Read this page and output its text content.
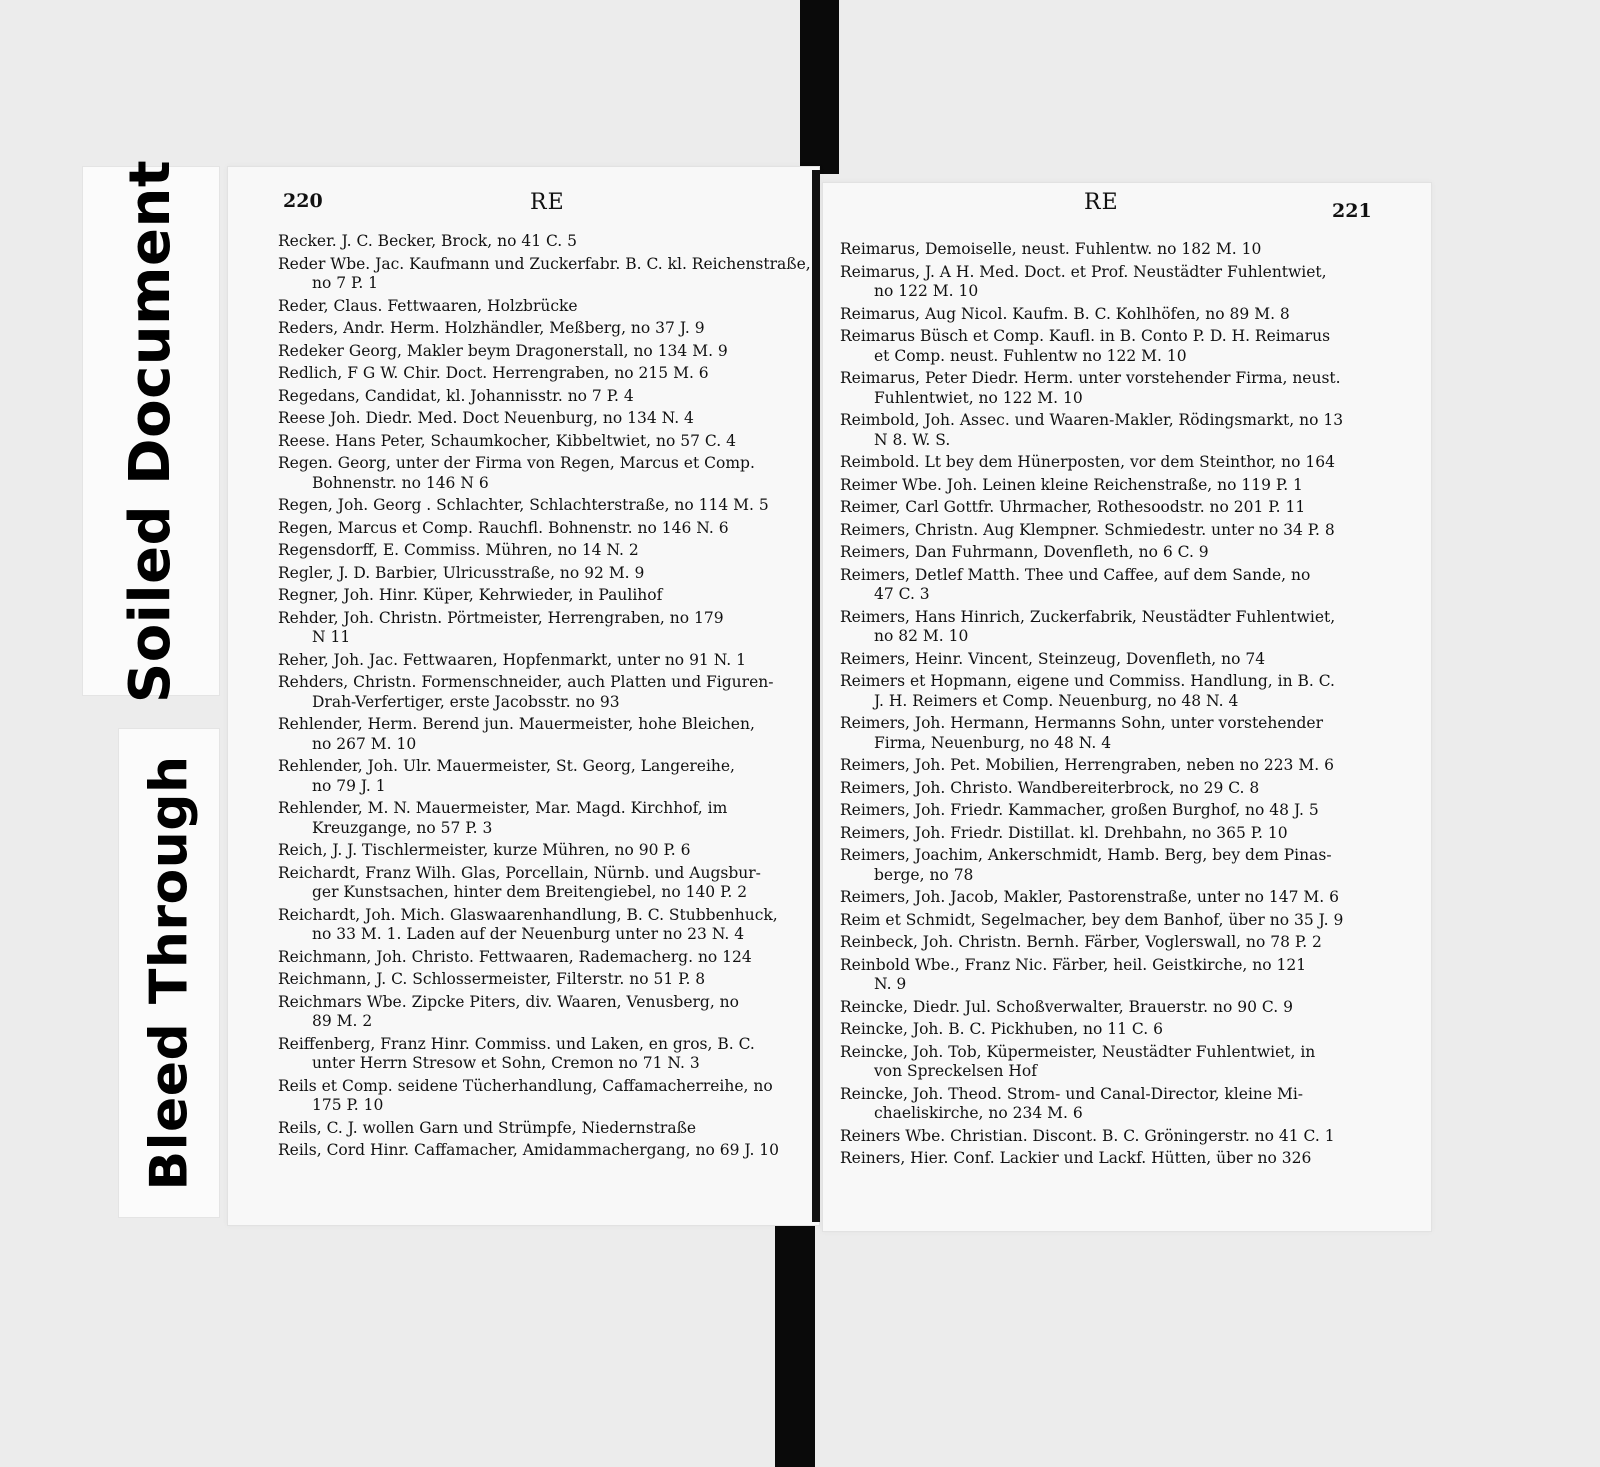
Soiled Document
Bleed Through
220	RE	221
RE
Recker. J. C. Becker, Brock, no 41 C. 5
Reder Wbe. Jac. Kaufmann und Zuckerfabr. B. C. kl. Reichenstraße,
no 7 P. 1
Reder, Claus. Fettwaaren, Holzbrücke
Reders, Andr. Herm. Holzhändler, Meßberg, no 37 J. 9
Redeker Georg, Makler beym Dragonerstall, no 134 M. 9
Redlich, F G W. Chir. Doct. Herrengraben, no 215 M. 6
Regedans, Candidat, kl. Johannisstr. no 7 P. 4
Reese Joh. Diedr. Med. Doct Neuenburg, no 134 N. 4
Reese. Hans Peter, Schaumkocher, Kibbeltwiet, no 57 C. 4
Regen. Georg, unter der Firma von Regen, Marcus et Comp.
Bohnenstr. no 146 N 6
Regen, Joh. Georg . Schlachter, Schlachterstraße, no 114 M. 5
Regen, Marcus et Comp. Rauchfl. Bohnenstr. no 146 N. 6
Regensdorff, E. Commiss. Mühren, no 14 N. 2
Regler, J. D. Barbier, Ulricusstraße, no 92 M. 9
Regner, Joh. Hinr. Küper, Kehrwieder, in Paulihof
Rehder, Joh. Christn. Pörtmeister, Herrengraben, no 179
N 11
Reher, Joh. Jac. Fettwaaren, Hopfenmarkt, unter no 91 N. 1
Rehders, Christn. Formenschneider, auch Platten und Figuren-
Drah-Verfertiger, erste Jacobsstr. no 93
Rehlender, Herm. Berend jun. Mauermeister, hohe Bleichen,
no 267 M. 10
Rehlender, Joh. Ulr. Mauermeister, St. Georg, Langereihe,
no 79 J. 1
Rehlender, M. N. Mauermeister, Mar. Magd. Kirchhof, im
Kreuzgange, no 57 P. 3
Reich, J. J. Tischlermeister, kurze Mühren, no 90 P. 6
Reichardt, Franz Wilh. Glas, Porcellain, Nürnb. und Augsbur-
ger Kunstsachen, hinter dem Breitengiebel, no 140 P. 2
Reichardt, Joh. Mich. Glaswaarenhandlung, B. C. Stubbenhuck,
no 33 M. 1. Laden auf der Neuenburg unter no 23 N. 4
Reichmann, Joh. Christo. Fettwaaren, Rademacherg. no 124
Reichmann, J. C. Schlossermeister, Filterstr. no 51 P. 8
Reichmars Wbe. Zipcke Piters, div. Waaren, Venusberg, no
89 M. 2
Reiffenberg, Franz Hinr. Commiss. und Laken, en gros, B. C.
unter Herrn Stresow et Sohn, Cremon no 71 N. 3
Reils et Comp. seidene Tücherhandlung, Caffamacherreihe, no
175 P. 10
Reils, C. J. wollen Garn und Strümpfe, Niedernstraße
Reils, Cord Hinr. Caffamacher, Amidammachergang, no 69 J. 10
Reimarus, Demoiselle, neust. Fuhlentw. no 182 M. 10
Reimarus, J. A H. Med. Doct. et Prof. Neustädter Fuhlentwiet,
no 122 M. 10
Reimarus, Aug Nicol. Kaufm. B. C. Kohlhöfen, no 89 M. 8
Reimarus Büsch et Comp. Kaufl. in B. Conto P. D. H. Reimarus
et Comp. neust. Fuhlentw no 122 M. 10
Reimarus, Peter Diedr. Herm. unter vorstehender Firma, neust.
Fuhlentwiet, no 122 M. 10
Reimbold, Joh. Assec. und Waaren-Makler, Rödingsmarkt, no 13
N 8. W. S.
Reimbold. Lt bey dem Hünerposten, vor dem Steinthor, no 164
Reimer Wbe. Joh. Leinen kleine Reichenstraße, no 119 P. 1
Reimer, Carl Gottfr. Uhrmacher, Rothesoodstr. no 201 P. 11
Reimers, Christn. Aug Klempner. Schmiedestr. unter no 34 P. 8
Reimers, Dan Fuhrmann, Dovenfleth, no 6 C. 9
Reimers, Detlef Matth. Thee und Caffee, auf dem Sande, no
47 C. 3
Reimers, Hans Hinrich, Zuckerfabrik, Neustädter Fuhlentwiet,
no 82 M. 10
Reimers, Heinr. Vincent, Steinzeug, Dovenfleth, no 74
Reimers et Hopmann, eigene und Commiss. Handlung, in B. C.
J. H. Reimers et Comp. Neuenburg, no 48 N. 4
Reimers, Joh. Hermann, Hermanns Sohn, unter vorstehender
Firma, Neuenburg, no 48 N. 4
Reimers, Joh. Pet. Mobilien, Herrengraben, neben no 223 M. 6
Reimers, Joh. Christo. Wandbereiterbrock, no 29 C. 8
Reimers, Joh. Friedr. Kammacher, großen Burghof, no 48 J. 5
Reimers, Joh. Friedr. Distillat. kl. Drehbahn, no 365 P. 10
Reimers, Joachim, Ankerschmidt, Hamb. Berg, bey dem Pinas-
berge, no 78
Reimers, Joh. Jacob, Makler, Pastorenstraße, unter no 147 M. 6
Reim et Schmidt, Segelmacher, bey dem Banhof, über no 35 J. 9
Reinbeck, Joh. Christn. Bernh. Färber, Voglerswall, no 78 P. 2
Reinbold Wbe., Franz Nic. Färber, heil. Geistkirche, no 121
N. 9
Reincke, Diedr. Jul. Schoßverwalter, Brauerstr. no 90 C. 9
Reincke, Joh. B. C. Pickhuben, no 11 C. 6
Reincke, Joh. Tob, Küpermeister, Neustädter Fuhlentwiet, in
von Spreckelsen Hof
Reincke, Joh. Theod. Strom- und Canal-Director, kleine Mi-
chaeliskirche, no 234 M. 6
Reiners Wbe. Christian. Discont. B. C. Gröningerstr. no 41 C. 1
Reiners, Hier. Conf. Lackier und Lackf. Hütten, über no 326
